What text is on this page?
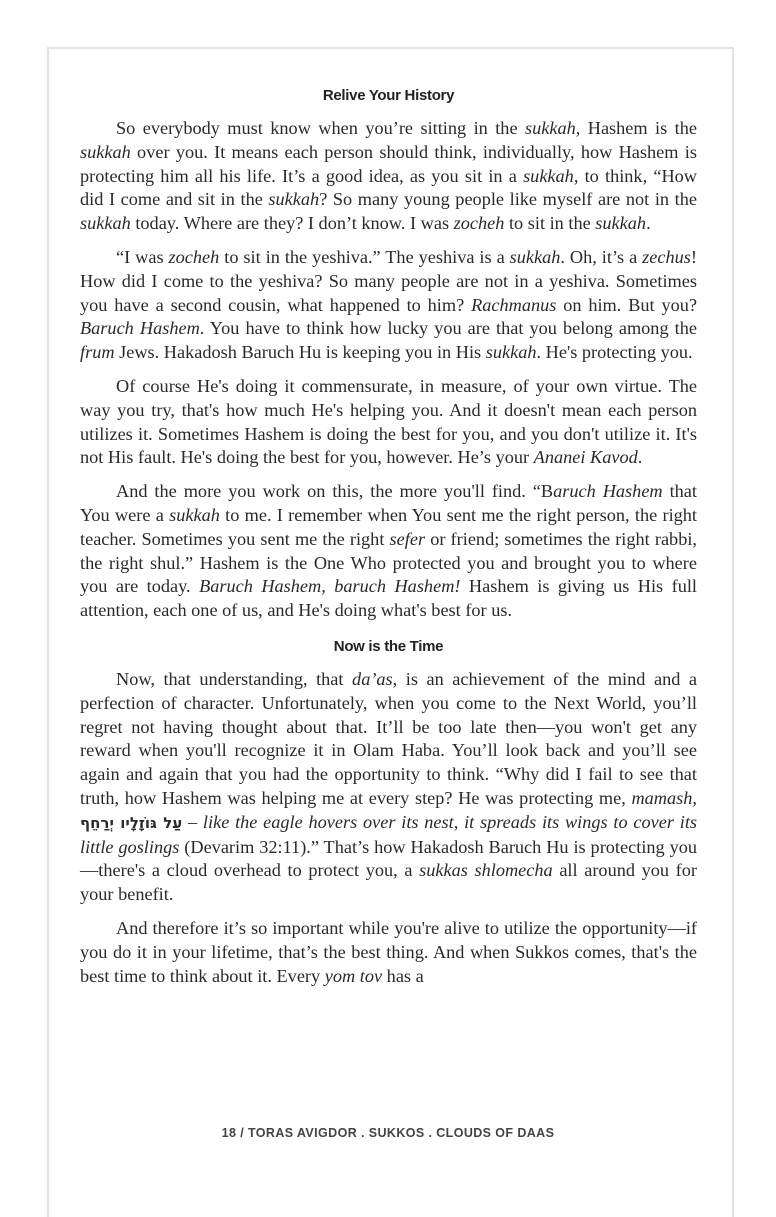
Relive Your History

So everybody must know when you’re sitting in the sukkah, Hashem is the sukkah over you. It means each person should think, individually, how Hashem is protecting him all his life. It’s a good idea, as you sit in a sukkah, to think, “How did I come and sit in the sukkah? So many young people like myself are not in the sukkah today. Where are they? I don’t know. I was zocheh to sit in the sukkah.

“I was zocheh to sit in the yeshiva.” The yeshiva is a sukkah. Oh, it’s a zechus! How did I come to the yeshiva? So many people are not in a yeshiva. Sometimes you have a second cousin, what happened to him? Rachmanus on him. But you? Baruch Hashem. You have to think how lucky you are that you belong among the frum Jews. Hakadosh Baruch Hu is keeping you in His sukkah. He's protecting you.

Of course He's doing it commensurate, in measure, of your own virtue. The way you try, that's how much He's helping you. And it doesn't mean each person utilizes it. Sometimes Hashem is doing the best for you, and you don't utilize it. It's not His fault. He's doing the best for you, however. He’s your Ananei Kavod.

And the more you work on this, the more you'll find. “Baruch Hashem that You were a sukkah to me. I remember when You sent me the right person, the right teacher. Sometimes you sent me the right sefer or friend; sometimes the right rabbi, the right shul.” Hashem is the One Who protected you and brought you to where you are today. Baruch Hashem, baruch Hashem! Hashem is giving us His full attention, each one of us, and He's doing what's best for us.

Now is the Time

Now, that understanding, that da’as, is an achievement of the mind and a perfection of character. Unfortunately, when you come to the Next World, you’ll regret not having thought about that. It’ll be too late then—you won't get any reward when you'll recognize it in Olam Haba. You’ll look back and you’ll see again and again that you had the opportunity to think. “Why did I fail to see that truth, how Hashem was helping me at every step? He was protecting me, mamash, עַל גּוֹזָלָיו יְרַחֵף – like the eagle hovers over its nest, it spreads its wings to cover its little goslings (Devarim 32:11).” That’s how Hakadosh Baruch Hu is protecting you—there's a cloud overhead to protect you, a sukkas shlomecha all around you for your benefit.

And therefore it’s so important while you're alive to utilize the opportunity—if you do it in your lifetime, that’s the best thing. And when Sukkos comes, that's the best time to think about it. Every yom tov has a

18 / TORAS AVIGDOR . SUKKOS . CLOUDS OF DAAS
